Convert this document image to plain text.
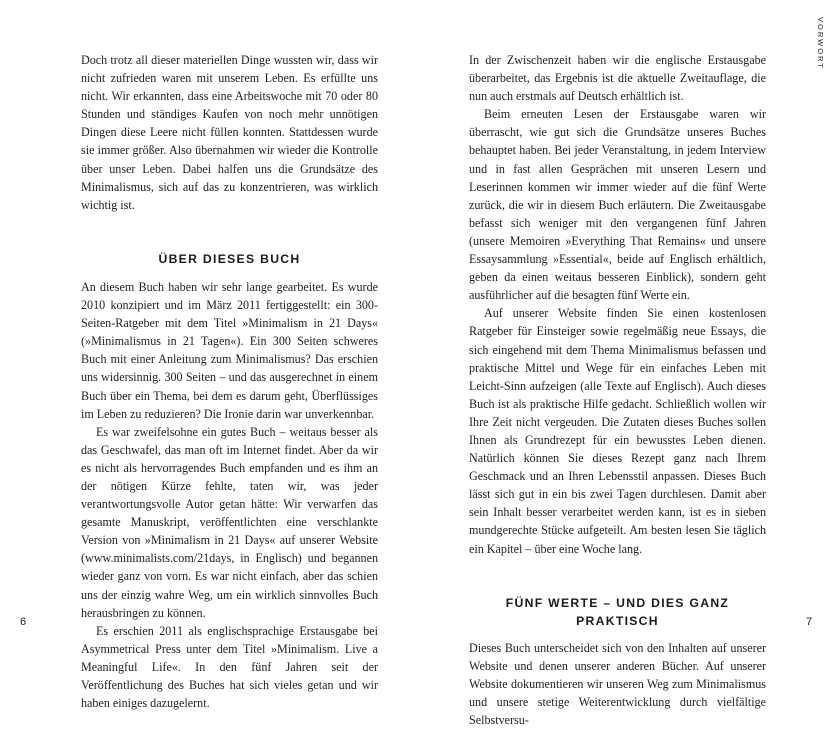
VORWORT

Doch trotz all dieser materiellen Dinge wussten wir, dass wir nicht zufrieden waren mit unserem Leben. Es erfüllte uns nicht. Wir erkannten, dass eine Arbeitswoche mit 70 oder 80 Stunden und ständiges Kaufen von noch mehr unnötigen Dingen diese Leere nicht füllen konnten. Stattdessen wurde sie immer größer. Also übernahmen wir wieder die Kontrolle über unser Leben. Dabei halfen uns die Grundsätze des Minimalismus, sich auf das zu konzentrieren, was wirklich wichtig ist.

ÜBER DIESES BUCH

An diesem Buch haben wir sehr lange gearbeitet. Es wurde 2010 konzipiert und im März 2011 fertiggestellt: ein 300-Seiten-Ratgeber mit dem Titel »Minimalism in 21 Days« (»Minimalismus in 21 Tagen«). Ein 300 Seiten schweres Buch mit einer Anleitung zum Minimalismus? Das erschien uns widersinnig. 300 Seiten – und das ausgerechnet in einem Buch über ein Thema, bei dem es darum geht, Überflüssiges im Leben zu reduzieren? Die Ironie darin war unverkennbar.

Es war zweifelsohne ein gutes Buch – weitaus besser als das Geschwafel, das man oft im Internet findet. Aber da wir es nicht als hervorragendes Buch empfanden und es ihm an der nötigen Kürze fehlte, taten wir, was jeder verantwortungsvolle Autor getan hätte: Wir verwarfen das gesamte Manuskript, veröffentlichten eine verschlankte Version von »Minimalism in 21 Days« auf unserer Website (www.minimalists.com/21days, in Englisch) und begannen wieder ganz von vorn. Es war nicht einfach, aber das schien uns der einzig wahre Weg, um ein wirklich sinnvolles Buch herausbringen zu können.

Es erschien 2011 als englischsprachige Erstausgabe bei Asymmetrical Press unter dem Titel »Minimalism. Live a Meaningful Life«. In den fünf Jahren seit der Veröffentlichung des Buches hat sich vieles getan und wir haben einiges dazugelernt.

In der Zwischenzeit haben wir die englische Erstausgabe überarbeitet, das Ergebnis ist die aktuelle Zweitauflage, die nun auch erstmals auf Deutsch erhältlich ist.

Beim erneuten Lesen der Erstausgabe waren wir überrascht, wie gut sich die Grundsätze unseres Buches behauptet haben. Bei jeder Veranstaltung, in jedem Interview und in fast allen Gesprächen mit unseren Lesern und Leserinnen kommen wir immer wieder auf die fünf Werte zurück, die wir in diesem Buch erläutern. Die Zweitausgabe befasst sich weniger mit den vergangenen fünf Jahren (unsere Memoiren »Everything That Remains« und unsere Essaysammlung »Essential«, beide auf Englisch erhältlich, geben da einen weitaus besseren Einblick), sondern geht ausführlicher auf die besagten fünf Werte ein.

Auf unserer Website finden Sie einen kostenlosen Ratgeber für Einsteiger sowie regelmäßig neue Essays, die sich eingehend mit dem Thema Minimalismus befassen und praktische Mittel und Wege für ein einfaches Leben mit Leicht-Sinn aufzeigen (alle Texte auf Englisch). Auch dieses Buch ist als praktische Hilfe gedacht. Schließlich wollen wir Ihre Zeit nicht vergeuden. Die Zutaten dieses Buches sollen Ihnen als Grundrezept für ein bewusstes Leben dienen. Natürlich können Sie dieses Rezept ganz nach Ihrem Geschmack und an Ihren Lebensstil anpassen. Dieses Buch lässt sich gut in ein bis zwei Tagen durchlesen. Damit aber sein Inhalt besser verarbeitet werden kann, ist es in sieben mundgerechte Stücke aufgeteilt. Am besten lesen Sie täglich ein Kapitel – über eine Woche lang.

FÜNF WERTE – UND DIES GANZ PRAKTISCH

Dieses Buch unterscheidet sich von den Inhalten auf unserer Website und denen unserer anderen Bücher. Auf unserer Website dokumentieren wir unseren Weg zum Minimalismus und unsere stetige Weiterentwicklung durch vielfältige Selbstversu-

6	7
